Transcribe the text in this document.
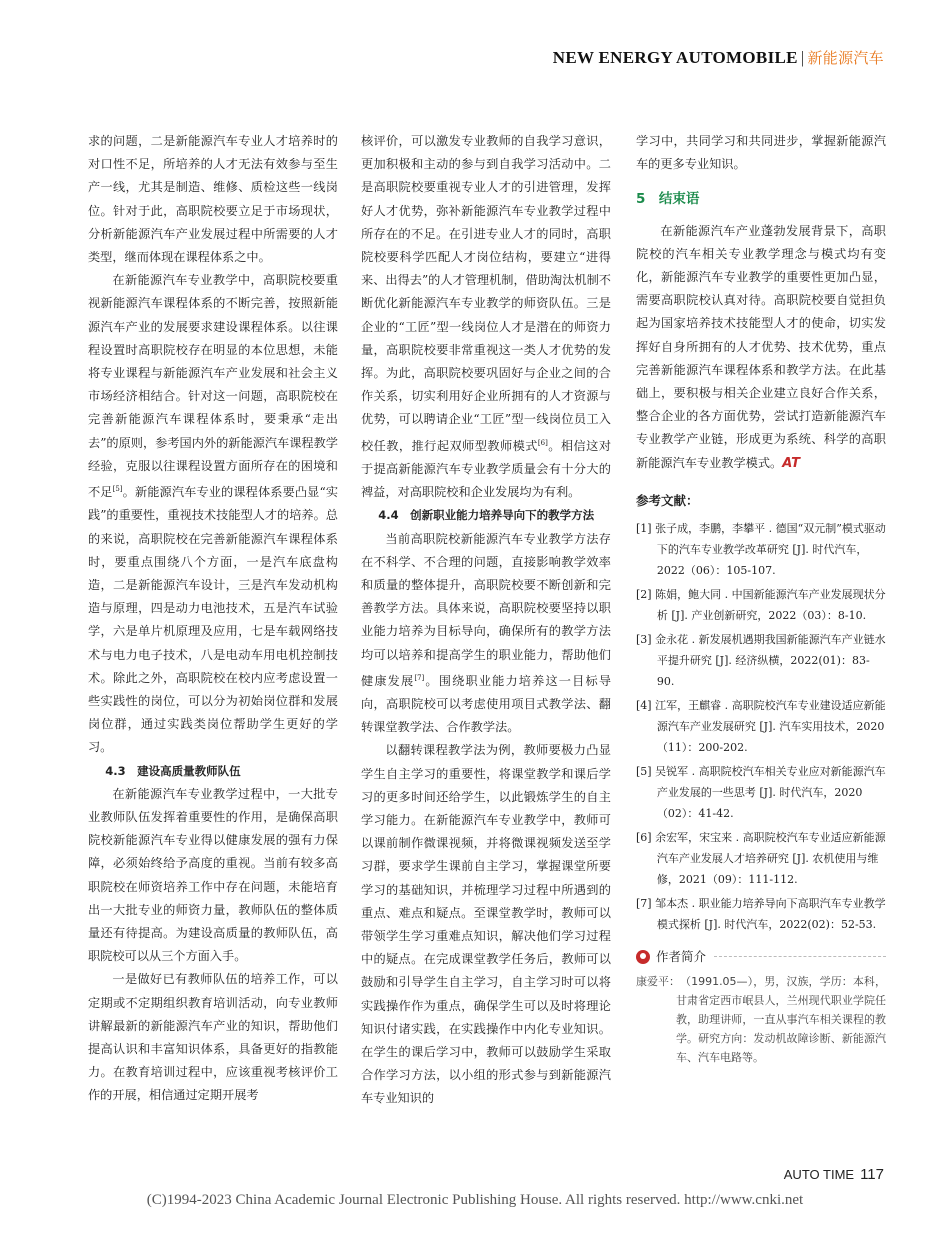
NEW ENERGY AUTOMOBILE | 新能源汽车

求的问题，二是新能源汽车专业人才培养时的对口性不足，所培养的人才无法有效参与至生产一线，尤其是制造、维修、质检这些一线岗位。针对于此，高职院校要立足于市场现状，分析新能源汽车产业发展过程中所需要的人才类型，继而体现在课程体系之中。

在新能源汽车专业教学中，高职院校要重视新能源汽车课程体系的不断完善，按照新能源汽车产业的发展要求建设课程体系。以往课程设置时高职院校存在明显的本位思想，未能将专业课程与新能源汽车产业发展和社会主义市场经济相结合。针对这一问题，高职院校在完善新能源汽车课程体系时，要秉承“走出去”的原则，参考国内外的新能源汽车课程教学经验，克服以往课程设置方面所存在的困境和不足[5]。新能源汽车专业的课程体系要凸显“实践”的重要性，重视技术技能型人才的培养。总的来说，高职院校在完善新能源汽车课程体系时，要重点围绕八个方面，一是汽车底盘构造，二是新能源汽车设计，三是汽车发动机构造与原理，四是动力电池技术，五是汽车试验学，六是单片机原理及应用，七是车载网络技术与电力电子技术，八是电动车用电机控制技术。除此之外，高职院校在校内应考虑设置一些实践性的岗位，可以分为初始岗位群和发展岗位群，通过实践类岗位帮助学生更好的学习。

4.3　建设高质量教师队伍

在新能源汽车专业教学过程中，一大批专业教师队伍发挥着重要性的作用，是确保高职院校新能源汽车专业得以健康发展的强有力保障，必须始终给予高度的重视。当前有较多高职院校在师资培养工作中存在问题，未能培育出一大批专业的师资力量，教师队伍的整体质量还有待提高。为建设高质量的教师队伍，高职院校可以从三个方面入手。

一是做好已有教师队伍的培养工作，可以定期或不定期组织教育培训活动，向专业教师讲解最新的新能源汽车产业的知识，帮助他们提高认识和丰富知识体系，具备更好的指教能力。在教育培训过程中，应该重视考核评价工作的开展，相信通过定期开展考

核评价，可以激发专业教师的自我学习意识，更加积极和主动的参与到自我学习活动中。二是高职院校要重视专业人才的引进管理，发挥好人才优势，弥补新能源汽车专业教学过程中所存在的不足。在引进专业人才的同时，高职院校要科学匹配人才岗位结构，要建立“进得来、出得去”的人才管理机制，借助淘汰机制不断优化新能源汽车专业教学的师资队伍。三是企业的“工匠”型一线岗位人才是潜在的师资力量，高职院校要非常重视这一类人才优势的发挥。为此，高职院校要巩固好与企业之间的合作关系，切实利用好企业所拥有的人才资源与优势，可以聘请企业“工匠”型一线岗位员工入校任教，推行起双师型教师模式[6]。相信这对于提高新能源汽车专业教学质量会有十分大的裨益，对高职院校和企业发展均为有利。

4.4　创新职业能力培养导向下的教学方法

当前高职院校新能源汽车专业教学方法存在不科学、不合理的问题，直接影响教学效率和质量的整体提升，高职院校要不断创新和完善教学方法。具体来说，高职院校要坚持以职业能力培养为目标导向，确保所有的教学方法均可以培养和提高学生的职业能力，帮助他们健康发展[7]。围绕职业能力培养这一目标导向，高职院校可以考虑使用项目式教学法、翻转课堂教学法、合作教学法。

以翻转课程教学法为例，教师要极力凸显学生自主学习的重要性，将课堂教学和课后学习的更多时间还给学生，以此锻炼学生的自主学习能力。在新能源汽车专业教学中，教师可以课前制作微课视频，并将微课视频发送至学习群，要求学生课前自主学习，掌握课堂所要学习的基础知识，并梳理学习过程中所遇到的重点、难点和疑点。至课堂教学时，教师可以带领学生学习重难点知识，解决他们学习过程中的疑点。在完成课堂教学任务后，教师可以鼓励和引导学生自主学习，自主学习时可以将实践操作作为重点，确保学生可以及时将理论知识付诸实践，在实践操作中内化专业知识。在学生的课后学习中，教师可以鼓励学生采取合作学习方法，以小组的形式参与到新能源汽车专业知识的

学习中，共同学习和共同进步，掌握新能源汽车的更多专业知识。

5　结束语

在新能源汽车产业蓬勃发展背景下，高职院校的汽车相关专业教学理念与模式均有变化，新能源汽车专业教学的重要性更加凸显，需要高职院校认真对待。高职院校要自觉担负起为国家培养技术技能型人才的使命，切实发挥好自身所拥有的人才优势、技术优势，重点完善新能源汽车课程体系和教学方法。在此基础上，要积极与相关企业建立良好合作关系，整合企业的各方面优势，尝试打造新能源汽车专业教学产业链，形成更为系统、科学的高职新能源汽车专业教学模式。AT

参考文献：
[1] 张子成，李鹏，李攀平 . 德国“双元制”模式驱动下的汽车专业教学改革研究 [J]. 时代汽车，2022（06）：105-107.
[2] 陈娟，鲍大同 . 中国新能源汽车产业发展现状分析 [J]. 产业创新研究，2022（03）：8-10.
[3] 金永花 . 新发展机遇期我国新能源汽车产业链水平提升研究 [J]. 经济纵横，2022(01)：83-90.
[4] 江军，王麒睿 . 高职院校汽车专业建设适应新能源汽车产业发展研究 [J]. 汽车实用技术，2020（11）：200-202.
[5] 吴锐军 . 高职院校汽车相关专业应对新能源汽车产业发展的一些思考 [J]. 时代汽车，2020（02）：41-42.
[6] 余宏军，宋宝来 . 高职院校汽车专业适应新能源汽车产业发展人才培养研究 [J]. 农机使用与维修，2021（09）：111-112.
[7] 邹本杰 . 职业能力培养导向下高职汽车专业教学模式探析 [J]. 时代汽车，2022(02)：52-53.
作者简介
康爱平： （1991.05—），男，汉族，学历：本科，甘肃省定西市岷县人，兰州现代职业学院任教，助理讲师，一直从事汽车相关课程的教学。研究方向：发动机故障诊断、新能源汽车、汽车电路等。
AUTO TIME 117
(C)1994-2023 China Academic Journal Electronic Publishing House. All rights reserved. http://www.cnki.net
